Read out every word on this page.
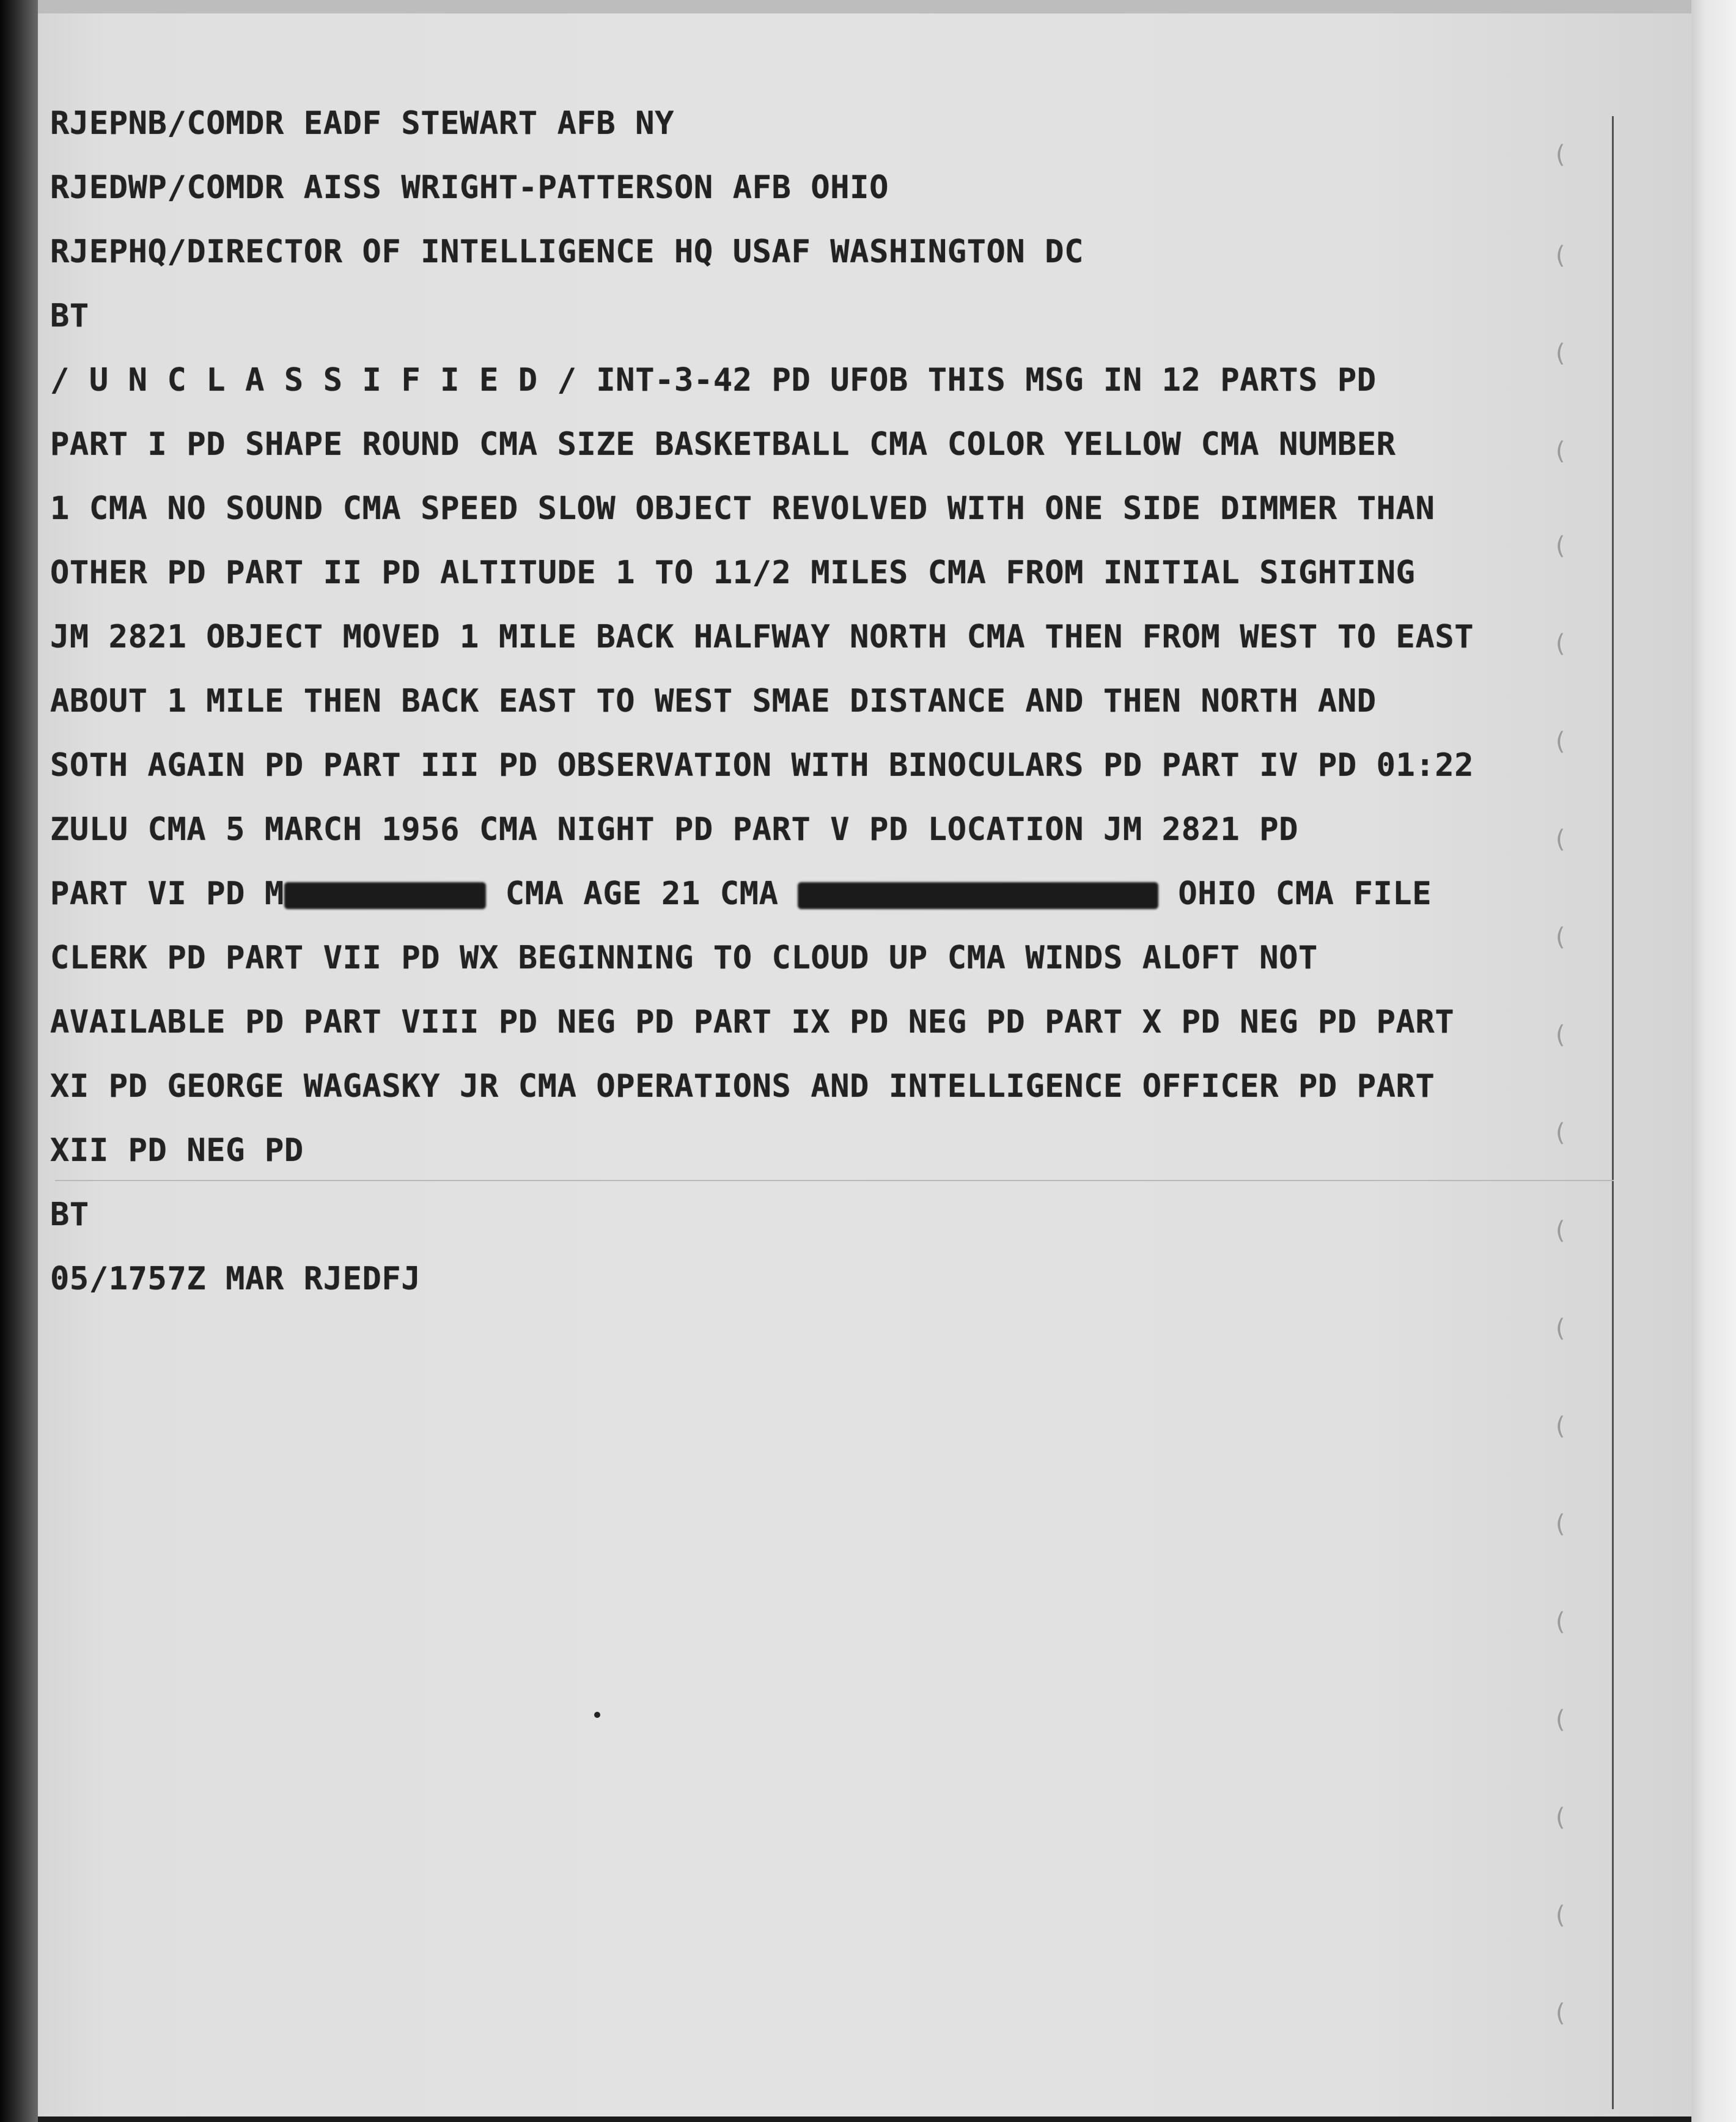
(
(
(
(
(
(
(
(
(
(
(
(
(
(
(
(
(
(
(
(
RJEPNB/COMDR EADF STEWART AFB NY
RJEDWP/COMDR AISS WRIGHT-PATTERSON AFB OHIO
RJEPHQ/DIRECTOR OF INTELLIGENCE HQ USAF WASHINGTON DC
BT
/ U N C L A S S I F I E D / INT-3-42 PD UFOB THIS MSG IN 12 PARTS PD
PART I PD SHAPE ROUND CMA SIZE BASKETBALL CMA COLOR YELLOW CMA NUMBER
1 CMA NO SOUND CMA SPEED SLOW OBJECT REVOLVED WITH ONE SIDE DIMMER THAN
OTHER PD PART II PD ALTITUDE 1 TO 11/2 MILES CMA FROM INITIAL SIGHTING
JM 2821 OBJECT MOVED 1 MILE BACK HALFWAY NORTH CMA THEN FROM WEST TO EAST
ABOUT 1 MILE THEN BACK EAST TO WEST SMAE DISTANCE AND THEN NORTH AND
SOTH AGAIN PD PART III PD OBSERVATION WITH BINOCULARS PD PART IV PD 01:22
ZULU CMA 5 MARCH 1956 CMA NIGHT PD PART V PD LOCATION JM 2821 PD
PART VI PD M	CMA AGE 21 CMA	OHIO CMA FILE
CLERK PD PART VII PD WX BEGINNING TO CLOUD UP CMA WINDS ALOFT NOT
AVAILABLE PD PART VIII PD NEG PD PART IX PD NEG PD PART X PD NEG PD PART
XI PD GEORGE WAGASKY JR CMA OPERATIONS AND INTELLIGENCE OFFICER PD PART
XII PD NEG PD
BT
05/1757Z MAR RJEDFJ
